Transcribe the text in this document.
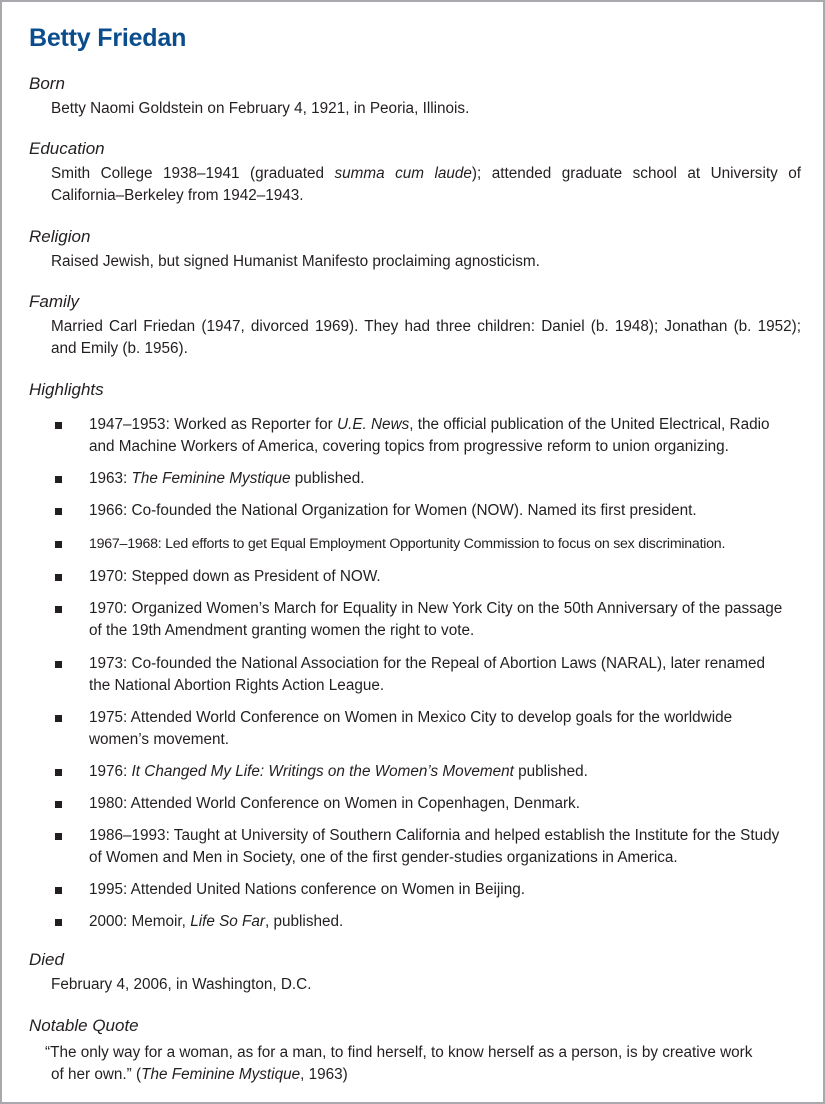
Betty Friedan
Born

Betty Naomi Goldstein on February 4, 1921, in Peoria, Illinois.

Education

Smith College 1938–1941 (graduated summa cum laude); attended graduate school at University of California–Berkeley from 1942–1943.

Religion

Raised Jewish, but signed Humanist Manifesto proclaiming agnosticism.

Family

Married Carl Friedan (1947, divorced 1969). They had three children: Daniel (b. 1948); Jonathan (b. 1952); and Emily (b. 1956).

Highlights
1947–1953: Worked as Reporter for U.E. News, the official publication of the United Electrical, Radio and Machine Workers of America, covering topics from progressive reform to union organizing.
1963: The Feminine Mystique published.
1966: Co-founded the National Organization for Women (NOW). Named its first president.
1967–1968: Led efforts to get Equal Employment Opportunity Commission to focus on sex discrimination.
1970: Stepped down as President of NOW.
1970: Organized Women’s March for Equality in New York City on the 50th Anniversary of the passage of the 19th Amendment granting women the right to vote.
1973: Co-founded the National Association for the Repeal of Abortion Laws (NARAL), later renamed the National Abortion Rights Action League.
1975: Attended World Conference on Women in Mexico City to develop goals for the worldwide women’s movement.
1976: It Changed My Life: Writings on the Women’s Movement published.
1980: Attended World Conference on Women in Copenhagen, Denmark.
1986–1993: Taught at University of Southern California and helped establish the Institute for the Study of Women and Men in Society, one of the first gender-studies organizations in America.
1995: Attended United Nations conference on Women in Beijing.
2000: Memoir, Life So Far, published.
Died

February 4, 2006, in Washington, D.C.

Notable Quote

“The only way for a woman, as for a man, to find herself, to know herself as a person, is by creative work
of her own.” (The Feminine Mystique, 1963)
